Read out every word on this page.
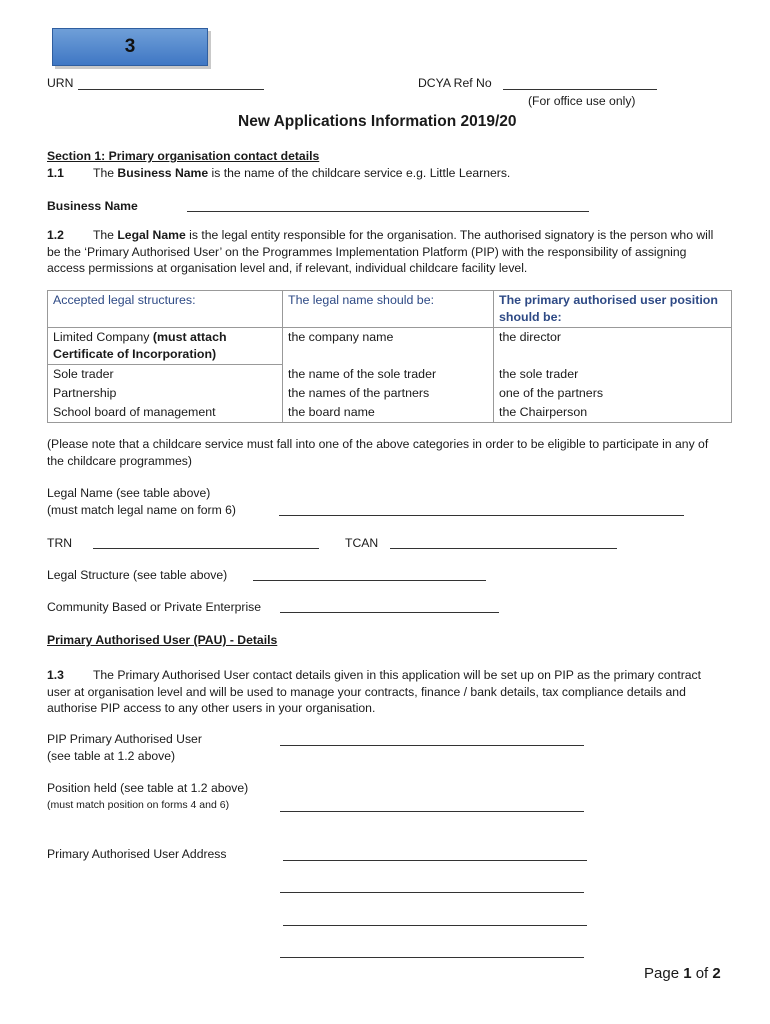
3
URN	DCYA Ref No
(For office use only)
New Applications Information 2019/20
Section 1: Primary organisation contact details
1.1 The Business Name is the name of the childcare service e.g. Little Learners.
Business Name
1.2 The Legal Name is the legal entity responsible for the organisation. The authorised signatory is the person who will be the ‘Primary Authorised User’ on the Programmes Implementation Platform (PIP) with the responsibility of assigning access permissions at organisation level and, if relevant, individual childcare facility level.
Accepted legal structures:	The legal name should be:	The primary authorised user position should be:
Limited Company (must attach Certificate of Incorporation)	the company name	the director
Sole trader	the name of the sole trader	the sole trader
Partnership	the names of the partners	one of the partners
School board of management	the board name	the Chairperson
(Please note that a childcare service must fall into one of the above categories in order to be eligible to participate in any of the childcare programmes)
Legal Name (see table above)
(must match legal name on form 6)
TRN	TCAN
Legal Structure (see table above)
Community Based or Private Enterprise
Primary Authorised User (PAU) - Details
1.3 The Primary Authorised User contact details given in this application will be set up on PIP as the primary contract user at organisation level and will be used to manage your contracts, finance / bank details, tax compliance details and authorise PIP access to any other users in your organisation.
PIP Primary Authorised User
(see table at 1.2 above)
Position held (see table at 1.2 above)
(must match position on forms 4 and 6)
Primary Authorised User Address
Page 1 of 2
